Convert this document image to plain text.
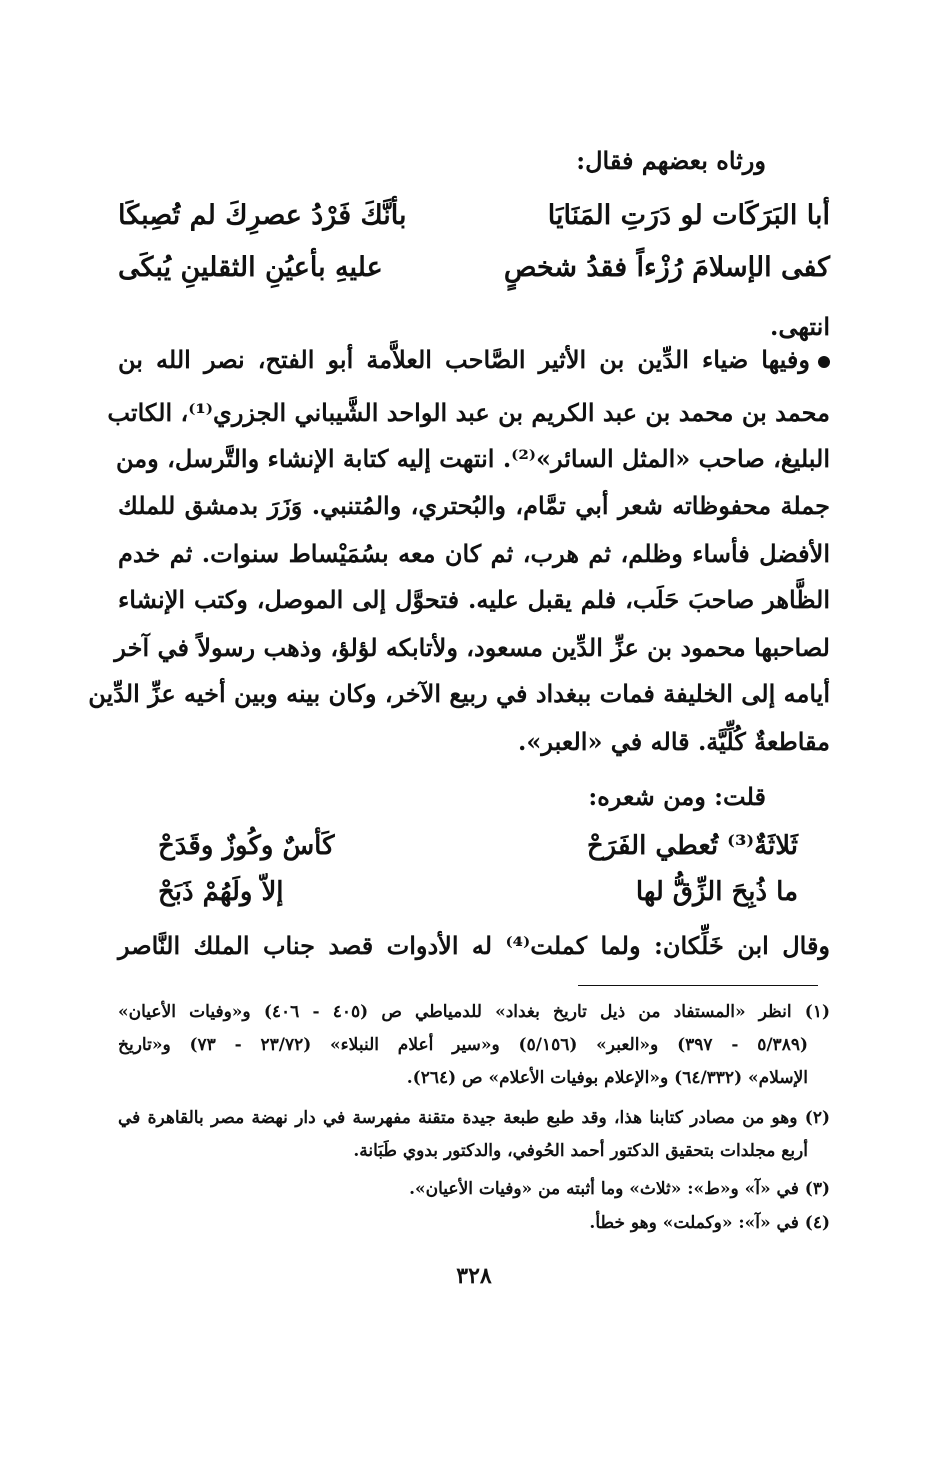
ورثاه بعضهم فقال:
أبا البَرَكَات لو دَرَتِ المَنَايَا
بأنَّكَ فَرْدُ عصرِكَ لم تُصِبكَا
كفى الإسلامَ رُزْءاً فقدُ شخصٍ
عليهِ بأعيُنِ الثقلينِ يُبكَى
انتهى.
وفيها ضياء الدِّين بن الأثير الصَّاحب العلاَّمة أبو الفتح، نصر الله بن
محمد بن محمد بن عبد الكريم بن عبد الواحد الشَّيباني الجزري⁽¹⁾، الكاتب
البليغ، صاحب «المثل السائر»⁽²⁾. انتهت إليه كتابة الإنشاء والتَّرسل، ومن
جملة محفوظاته شعر أبي تمَّام، والبُحتري، والمُتنبي. وَزَرَ بدمشق للملك
الأفضل فأساء وظلم، ثم هرب، ثم كان معه بسُمَيْساط سنوات. ثم خدم
الظَّاهر صاحبَ حَلَب، فلم يقبل عليه. فتحوَّل إلى الموصل، وكتب الإنشاء
لصاحبها محمود بن عزِّ الدِّين مسعود، ولأتابكه لؤلؤ، وذهب رسولاً في آخر
أيامه إلى الخليفة فمات ببغداد في ربيع الآخر، وكان بينه وبين أخيه عزِّ الدِّين
مقاطعةٌ كُلِّيَّة. قاله في «العبر».
قلت: ومن شعره:
ثَلاثَةٌ⁽³⁾ تُعطي الفَرَحْ
كَأسٌ وكُوزٌ وقَدَحْ
ما ذُبِحَ الزِّقُّ لها
إلاّ ولَهُمْ ذَبَحْ
وقال ابن خَلِّكان: ولما كملت⁽⁴⁾ له الأدوات قصد جناب الملك النَّاصر
(١) انظر «المستفاد من ذيل تاريخ بغداد» للدمياطي ص (٤٠٥ - ٤٠٦) و«وفيات الأعيان»
(٥/٣٨٩ - ٣٩٧) و«العبر» (٥/١٥٦) و«سير أعلام النبلاء» (٢٣/٧٢ - ٧٣) و«تاريخ
الإسلام» (٦٤/٣٣٢) و«الإعلام بوفيات الأعلام» ص (٢٦٤).
(٢) وهو من مصادر كتابنا هذا، وقد طبع طبعة جيدة متقنة مفهرسة في دار نهضة مصر بالقاهرة في
أربع مجلدات بتحقيق الدكتور أحمد الحُوفي، والدكتور بدوي طَبَانة.
(٣) في «آ» و«ط»: «ثلاث» وما أثبته من «وفيات الأعيان».
(٤) في «آ»: «وكملت» وهو خطأ.
٣٢٨
